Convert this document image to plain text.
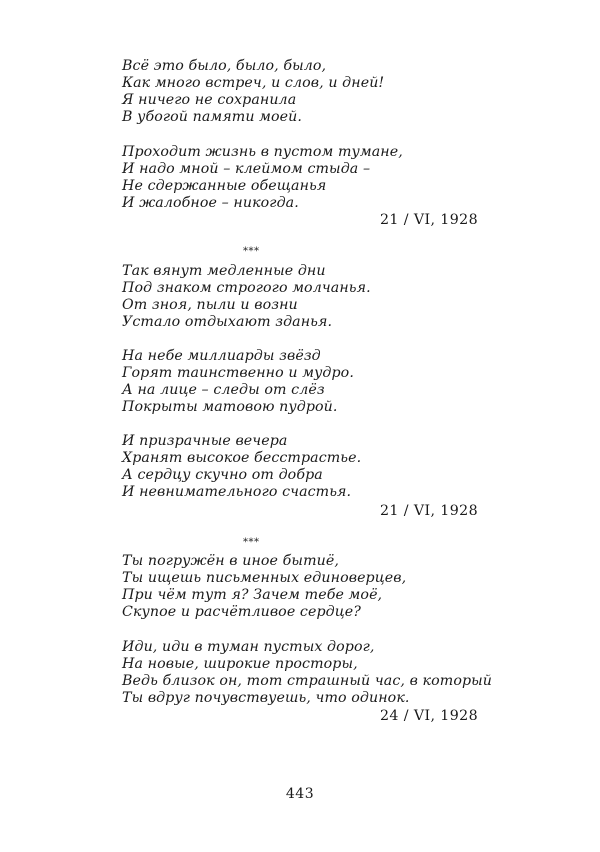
Всё это было, было, было,
Как много встреч, и слов, и дней!
Я ничего не сохранила
В убогой памяти моей.
Проходит жизнь в пустом тумане,
И надо мной – клеймом стыда –
Не сдержанные обещанья
И жалобное – никогда.
21 / VI, 1928
***
Так вянут медленные дни
Под знаком строгого молчанья.
От зноя, пыли и возни
Устало отдыхают зданья.
На небе миллиарды звёзд
Горят таинственно и мудро.
А на лице – следы от слёз
Покрыты матовою пудрой.
И призрачные вечера
Хранят высокое бесстрастье.
А сердцу скучно от добра
И невнимательного счастья.
21 / VI, 1928
***
Ты погружён в иное бытиё,
Ты ищешь письменных единоверцев,
При чём тут я? Зачем тебе моё,
Скупое и расчётливое сердце?
Иди, иди в туман пустых дорог,
На новые, широкие просторы,
Ведь близок он, тот страшный час, в который
Ты вдруг почувствуешь, что одинок.
24 / VI, 1928
443
